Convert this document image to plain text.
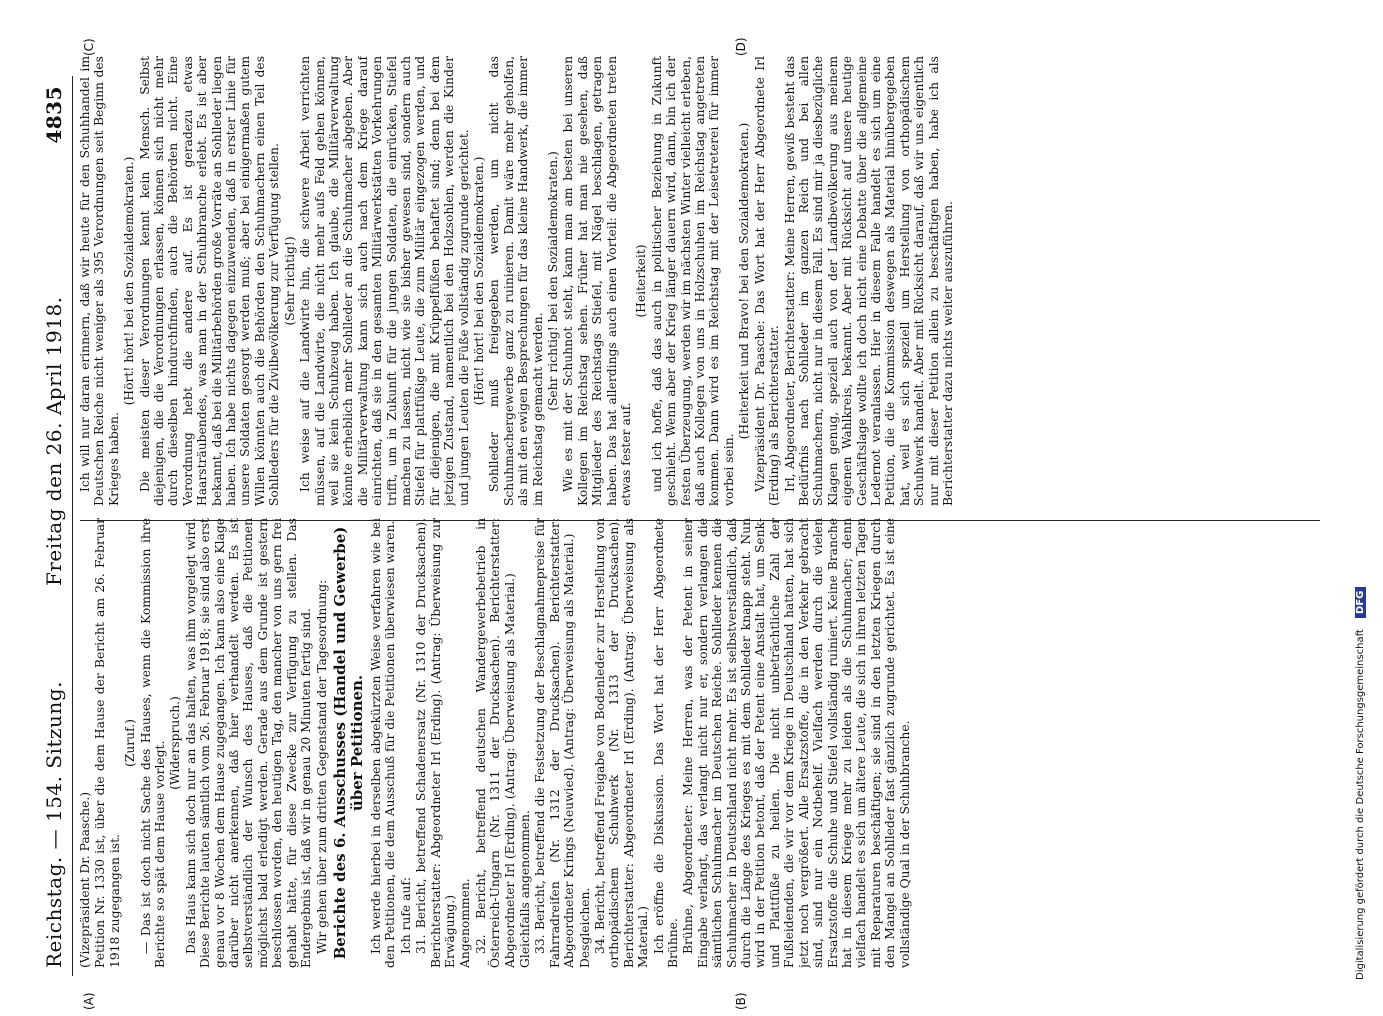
Reichstag. — 154. Sitzung.
Freitag den 26. April 1918.
4835
(A)	(B)
(C)	(D)

(Vizepräsident Dr. Paasche.) Petition Nr. 1330 ist, über die dem Hause der Bericht am 26. Februar 1918 zugegangen ist.

(Zuruf.) — Das ist doch nicht Sache des Hauses, wenn die Kommission ihre Berichte so spät dem Hause vorlegt. (Widerspruch.) Das Haus kann sich doch nur an das halten, was ihm vorgelegt wird. Diese Berichte lauten sämtlich vom 26. Februar 1918; sie sind also erst genau vor 8 Wochen dem Hause zugegangen. Ich kann also eine Klage darüber nicht anerkennen, daß hier verhandelt werden. Es ist selbstverständlich der Wunsch des Hauses, daß die Petitionen möglichst bald erledigt werden. Gerade aus dem Grunde ist gestern beschlossen worden, den heutigen Tag, den mancher von uns gern frei gehabt hätte, für diese Zwecke zur Verfügung zu stellen. Das Endergebnis ist, daß wir in genau 20 Minuten fertig sind. Wir gehen über zum dritten Gegenstand der Tagesordnung: Berichte des 6. Ausschusses (Handel und Gewerbe) über Petitionen. Ich werde hierbei in derselben abgekürzten Weise verfahren wie bei den Petitionen, die dem Ausschuß für die Petitionen überwiesen waren. Ich rufe auf: 31. Bericht, betreffend Schadenersatz (Nr. 1310 der Drucksachen). Berichterstatter: Abgeordneter Irl (Erding). (Antrag: Überweisung zur Erwägung.) Angenommen. 32. Bericht, betreffend deutschen Wandergewerbebetrieb in Österreich-Ungarn (Nr. 1311 der Drucksachen). Berichterstatter: Abgeordneter Irl (Erding). (Antrag: Überweisung als Material.) Gleichfalls angenommen. 33. Bericht, betreffend die Festsetzung der Beschlagnahmepreise für Fahrradreifen (Nr. 1312 der Drucksachen). Berichterstatter: Abgeordneter Krings (Neuwied). (Antrag: Überweisung als Material.) Desgleichen. 34. Bericht, betreffend Freigabe von Bodenleder zur Herstellung von orthopädischem Schuhwerk (Nr. 1313 der Drucksachen). Berichterstatter: Abgeordneter Irl (Erding). (Antrag: Überweisung als Material.) Ich eröffne die Diskussion. Das Wort hat der Herr Abgeordnete Brühne. Brühne, Abgeordneter: Meine Herren, was der Petent in seiner Eingabe verlangt, das verlangt nicht nur er, sondern verlangen die sämtlichen Schuhmacher im Deutschen Reiche. Sohlleder kennen die Schuhmacher in Deutschland nicht mehr. Es ist selbstverständlich, daß durch die Länge des Krieges es mit dem Sohlleder knapp steht. Nun wird in der Petition betont, daß der Petent eine Anstalt hat, um Senk- und Plattfüße zu heilen. Die nicht unbeträchtliche Zahl der Fußleidenden, die wir vor dem Kriege in Deutschland hatten, hat sich jetzt noch vergrößert. Alle Ersatzstoffe, die in den Verkehr gebracht sind, sind nur ein Notbehelf. Vielfach werden durch die vielen Ersatzstoffe die Schuhe und Stiefel vollständig ruiniert. Keine Branche hat in diesem Kriege mehr zu leiden als die Schuhmacher; denn vielfach handelt es sich um ältere Leute, die sich in ihren letzten Tagen mit Reparaturen beschäftigen; sie sind in den letzten Kriegen durch den Mangel an Sohlleder fast gänzlich zugrunde gerichtet. Es ist eine vollständige Qual in der Schuhbranche.

Ich will nur daran erinnern, daß wir heute für den Schuhhandel im Deutschen Reiche nicht weniger als 395 Verordnungen seit Beginn des Krieges haben.

(Hört! hört! bei den Sozialdemokraten.) Die meisten dieser Verordnungen kennt kein Mensch. Selbst diejenigen, die die Verordnungen erlassen, können sich nicht mehr durch dieselben hindurchfinden, auch die Behörden nicht. Eine Verordnung hebt die andere auf. Es ist geradezu etwas Haarsträubendes, was man in der Schuhbranche erlebt. Es ist aber bekannt, daß bei die Militärbehörden große Vorräte an Sohlleder liegen haben. Ich habe nichts dagegen einzuwenden, daß in erster Linie für unsere Soldaten gesorgt werden muß; aber bei einigermaßen gutem Willen könnten auch die Behörden den Schuhmachern einen Teil des Sohlleders für die Zivilbevölkerung zur Verfügung stellen. (Sehr richtig!) Ich weise auf die Landwirte hin, die schwere Arbeit verrichten müssen, auf die Landwirte, die nicht mehr aufs Feld gehen können, weil sie kein Schuhzeug haben. Ich glaube, die Militärverwaltung könnte erheblich mehr Sohlleder an die Schuhmacher abgeben. Aber die Militärverwaltung kann sich auch nach dem Kriege darauf einrichten, daß sie in den gesamten Militärwerkstätten Vorkehrungen trifft, um in Zukunft für die jungen Soldaten, die einrücken, Stiefel machen zu lassen, nicht wie sie bisher gewesen sind, sondern auch Stiefel für plattfüßige Leute, die zum Militär eingezogen werden, und für diejenigen, die mit Krüppelfüßen behaftet sind; denn bei dem jetzigen Zustand, namentlich bei den Holzsohlen, werden die Kinder und jungen Leuten die Füße vollständig zugrunde gerichtet. (Hört! hört! bei den Sozialdemokraten.) Sohlleder muß freigegeben werden, um nicht das Schuhmachergewerbe ganz zu ruinieren. Damit wäre mehr geholfen, als mit den ewigen Besprechungen für das kleine Handwerk, die immer im Reichstag gemacht werden. (Sehr richtig! bei den Sozialdemokraten.) Wie es mit der Schuhnot steht, kann man am besten bei unseren Kollegen im Reichstag sehen. Früher hat man nie gesehen, daß Mitglieder des Reichstags Stiefel, mit Nägel beschlagen, getragen haben. Das hat allerdings auch einen Vorteil: die Abgeordneten treten etwas fester auf.

(Heiterkeit) und ich hoffe, daß das auch in politischer Beziehung in Zukunft geschieht. Wenn aber der Krieg länger dauern wird, dann, bin ich der festen Überzeugung, werden wir im nächsten Winter vielleicht erleben, daß auch Kollegen von uns in Holzschuhen im Reichstag angetreten kommen. Dann wird es im Reichstag mit der Leisetreterei für immer vorbei sein.

(Heiterkeit und Bravo! bei den Sozialdemokraten.) Vizepräsident Dr. Paasche: Das Wort hat der Herr Abgeordnete Irl (Erding) als Berichterstatter. Irl, Abgeordneter, Berichterstatter: Meine Herren, gewiß besteht das Bedürfnis nach Sohlleder im ganzen Reich und bei allen Schuhmachern, nicht nur in diesem Fall. Es sind mir ja diesbezügliche Klagen genug, speziell auch von der Landbevölkerung aus meinem eigenen Wahlkreis, bekannt. Aber mit Rücksicht auf unsere heutige Geschäftslage wollte ich doch nicht eine Debatte über die allgemeine Ledernot veranlassen. Hier in diesem Falle handelt es sich um eine Petition, die die Kommission deswegen als Material hinübergegeben hat, weil es sich speziell um Herstellung von orthopädischem Schuhwerk handelt. Aber mit Rücksicht darauf, daß wir uns eigentlich nur mit dieser Petition allein zu beschäftigen haben, habe ich als Berichterstatter dazu nichts weiter auszuführen.

Digitalisierung gefördert durch die Deutsche Forschungsgemeinschaft DFG
